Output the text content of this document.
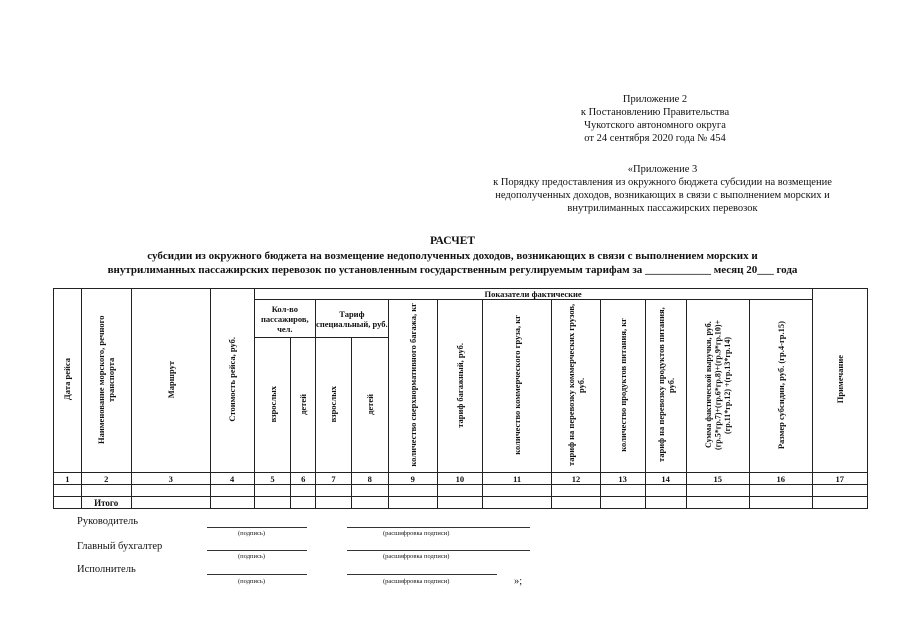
Приложение 2
к Постановлению Правительства
Чукотского автономного округа
от 24 сентября 2020 года № 454
«Приложение 3
к Порядку предоставления из окружного бюджета субсидии на возмещение
недополученных доходов, возникающих в связи с выполнением морских и
внутрилиманных пассажирских перевозок
РАСЧЕТ
субсидии из окружного бюджета на возмещение недополученных доходов, возникающих в связи с выполнением морских и
внутрилиманных пассажирских перевозок по установленным государственным регулируемым тарифам за ____________ месяц 20___ года
Дата рейса	Наименование морского, речного транспорта	Маршрут	Стоимость рейса, руб.	Показатели фактические												Примечание
				Кол-во пассажиров, чел.		Тариф специальный, руб.		количество сверхнормативного багажа, кг	тариф багажный, руб.	количество коммерческого груза, кг	тариф на перевозку коммерческих грузов, руб.	количество продуктов питания, кг	тариф на перевозку продуктов питания, руб.	Сумма фактической выручки, руб. (гр.5*гр.7)+(гр.6*гр.8)+(гр.9*гр.10)+(гр.11*гр.12) +(гр.13*гр.14)	Размер субсидии, руб. (гр.4-гр.15)	
				взрослых	детей	взрослых	детей									

1	2	3	4	5	6	7	8	9	10	11	12	13	14	15	16	17

	Итого															
Руководитель
(подпись)	(расшифровка подписи)
Главный бухгалтер
(подпись)	(расшифровка подписи)
Исполнитель
(подпись)	(расшифровка подписи)	»;
